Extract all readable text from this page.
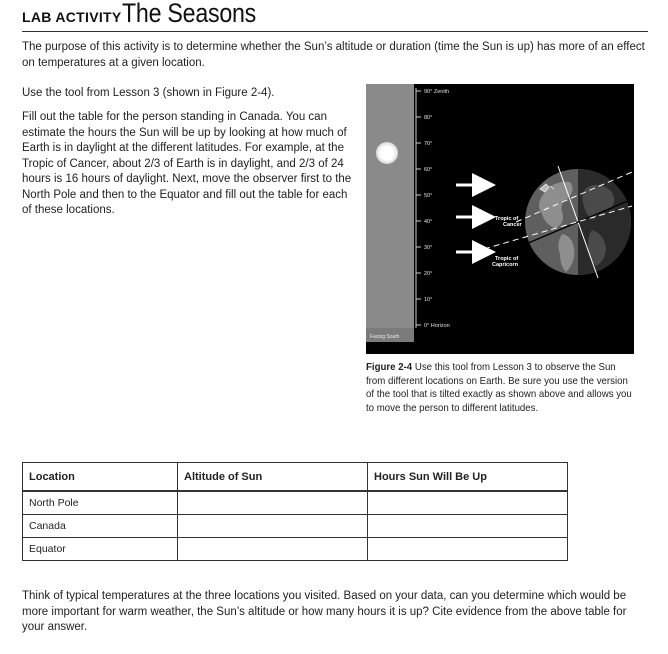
LAB ACTIVITY The Seasons

The purpose of this activity is to determine whether the Sun’s altitude or duration (time the Sun is up) has more of an effect on temperatures at a given location.

Use the tool from Lesson 3 (shown in Figure 2-4).

Fill out the table for the person standing in Canada. You can estimate the hours the Sun will be up by looking at how much of Earth is in daylight at the different latitudes. For example, at the Tropic of Cancer, about 2/3 of Earth is in daylight, and 2/3 of 24 hours is 16 hours of daylight. Next, move the observer first to the North Pole and then to the Equator and fill out the table for each of these locations.

Facing South
90° Zenith
80°
70°
60°
50°
40°
30°
20°
10°
0° Horizon
Tropic of
Cancer
Tropic of
Capricorn
Figure 2-4 Use this tool from Lesson 3 to observe the Sun from different locations on Earth. Be sure you use the version of the tool that is tilted exactly as shown above and allows you to move the person to different latitudes.
Location	Altitude of Sun	Hours Sun Will Be Up
North Pole		
Canada		
Equator		

Think of typical temperatures at the three locations you visited. Based on your data, can you determine which would be more important for warm weather, the Sun’s altitude or how many hours it is up? Cite evidence from the above table for your answer.
